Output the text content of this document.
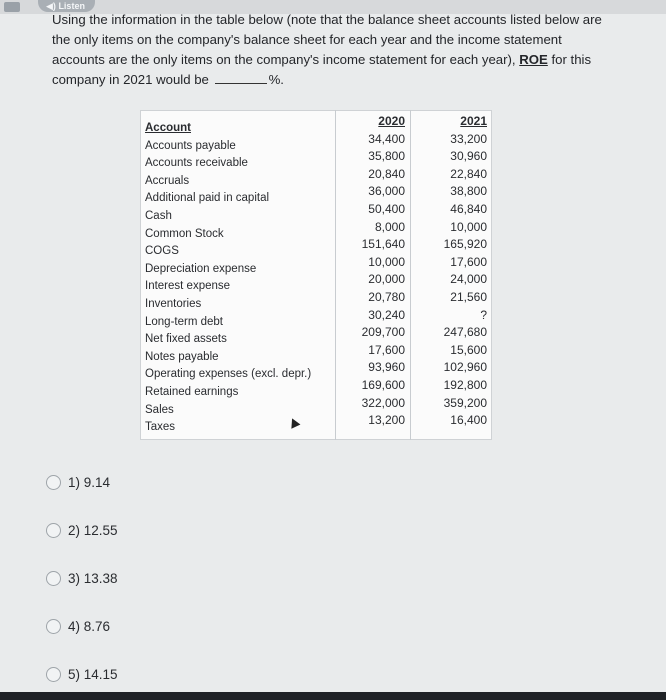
◀) Listen
Using the information in the table below (note that the balance sheet accounts listed below are the only items on the company's balance sheet for each year and the income statement accounts are the only items on the company's income statement for each year), ROE for this company in 2021 would be	%.
Account
Accounts payable
Accounts receivable
Accruals
Additional paid in capital
Cash
Common Stock
COGS
Depreciation expense
Interest expense
Inventories
Long-term debt
Net fixed assets
Notes payable
Operating expenses (excl. depr.)
Retained earnings
Sales
Taxes
2020
34,400
35,800
20,840
36,000
50,400
8,000
151,640
10,000
20,000
20,780
30,240
209,700
17,600
93,960
169,600
322,000
13,200
2021
33,200
30,960
22,840
38,800
46,840
10,000
165,920
17,600
24,000
21,560
?
247,680
15,600
102,960
192,800
359,200
16,400
1) 9.14
2) 12.55
3) 13.38
4) 8.76
5) 14.15
